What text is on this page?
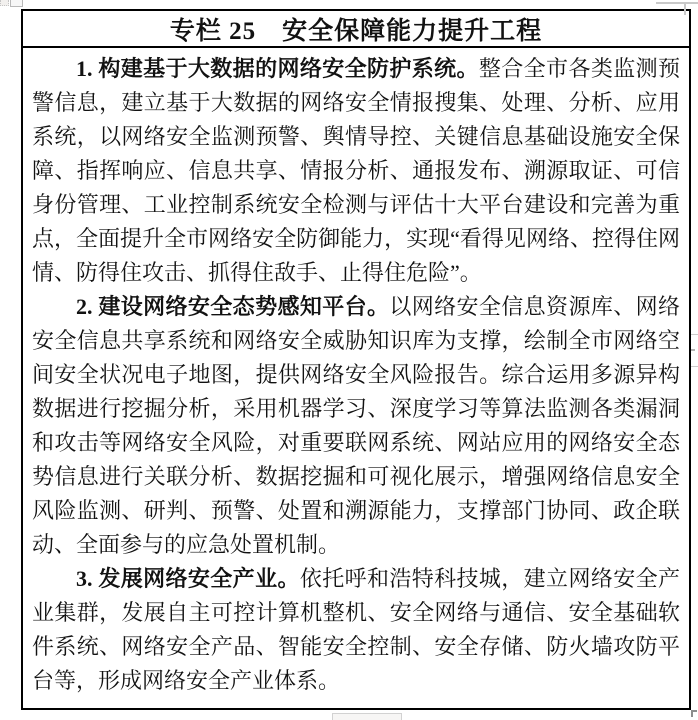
专栏 25　安全保障能力提升工程

1. 构建基于大数据的网络安全防护系统。整合全市各类监测预警信息，建立基于大数据的网络安全情报搜集、处理、分析、应用系统，以网络安全监测预警、舆情导控、关键信息基础设施安全保障、指挥响应、信息共享、情报分析、通报发布、溯源取证、可信身份管理、工业控制系统安全检测与评估十大平台建设和完善为重点，全面提升全市网络安全防御能力，实现“看得见网络、控得住网情、防得住攻击、抓得住敌手、止得住危险”。

2. 建设网络安全态势感知平台。以网络安全信息资源库、网络安全信息共享系统和网络安全威胁知识库为支撑，绘制全市网络空间安全状况电子地图，提供网络安全风险报告。综合运用多源异构数据进行挖掘分析，采用机器学习、深度学习等算法监测各类漏洞和攻击等网络安全风险，对重要联网系统、网站应用的网络安全态势信息进行关联分析、数据挖掘和可视化展示，增强网络信息安全风险监测、研判、预警、处置和溯源能力，支撑部门协同、政企联动、全面参与的应急处置机制。

3. 发展网络安全产业。依托呼和浩特科技城，建立网络安全产业集群，发展自主可控计算机整机、安全网络与通信、安全基础软件系统、网络安全产品、智能安全控制、安全存储、防火墙攻防平台等，形成网络安全产业体系。
